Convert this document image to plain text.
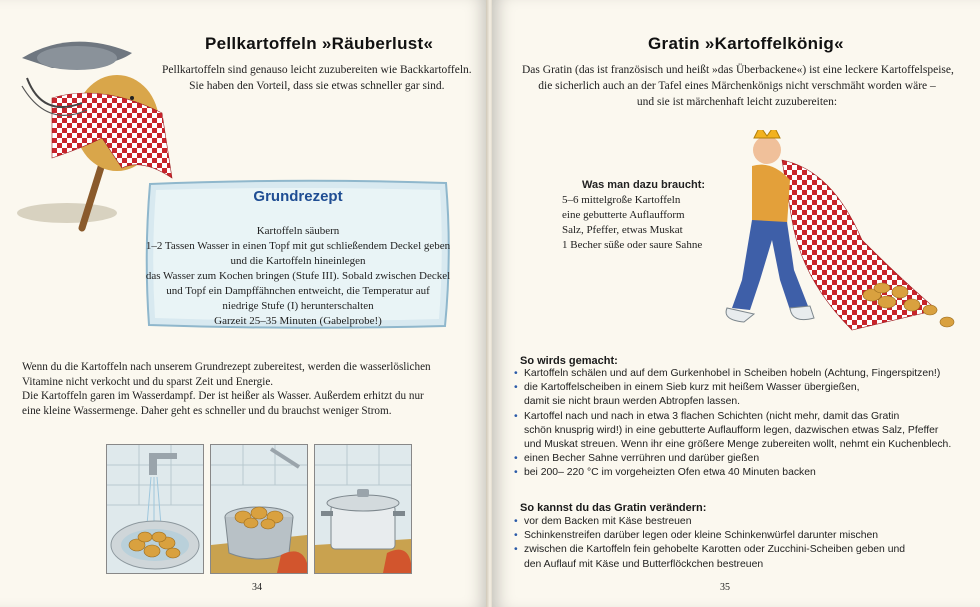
Pellkartoffeln »Räuberlust«
Pellkartoffeln sind genauso leicht zuzubereiten wie Backkartoffeln.
Sie haben den Vorteil, dass sie etwas schneller gar sind.
Grundrezept
Kartoffeln säubern
1–2 Tassen Wasser in einen Topf mit gut schließendem Deckel geben
und die Kartoffeln hineinlegen
das Wasser zum Kochen bringen (Stufe III). Sobald zwischen Deckel
und Topf ein Dampffähnchen entweicht, die Temperatur auf
niedrige Stufe (I) herunterschalten
Garzeit 25–35 Minuten (Gabelprobe!)
Wenn du die Kartoffeln nach unserem Grundrezept zubereitest, werden die wasserlöslichen
Vitamine nicht verkocht und du sparst Zeit und Energie.
Die Kartoffeln garen im Wasserdampf. Der ist heißer als Wasser. Außerdem erhitzt du nur
eine kleine Wassermenge. Daher geht es schneller und du brauchst weniger Strom.
34
Gratin »Kartoffelkönig«
Das Gratin (das ist französisch und heißt »das Überbackene«) ist eine leckere Kartoffelspeise,
die sicherlich auch an der Tafel eines Märchenkönigs nicht verschmäht worden wäre –
und sie ist märchenhaft leicht zuzubereiten:
Was man dazu braucht:
5–6 mittelgroße Kartoffeln
eine gebutterte Auflaufform
Salz, Pfeffer, etwas Muskat
1 Becher süße oder saure Sahne
So wirds gemacht:
• Kartoffeln schälen und auf dem Gurkenhobel in Scheiben hobeln (Achtung, Fingerspitzen!)
• die Kartoffelscheiben in einem Sieb kurz mit heißem Wasser übergießen,
damit sie nicht braun werden Abtropfen lassen.
• Kartoffel nach und nach in etwa 3 flachen Schichten (nicht mehr, damit das Gratin
schön knusprig wird!) in eine gebutterte Auflaufform legen, dazwischen etwas Salz, Pfeffer
und Muskat streuen. Wenn ihr eine größere Menge zubereiten wollt, nehmt ein Kuchenblech.
• einen Becher Sahne verrühren und darüber gießen
• bei 200– 220 °C im vorgeheizten Ofen etwa 40 Minuten backen
So kannst du das Gratin verändern:
• vor dem Backen mit Käse bestreuen
• Schinkenstreifen darüber legen oder kleine Schinkenwürfel darunter mischen
• zwischen die Kartoffeln fein gehobelte Karotten oder Zucchini-Scheiben geben und
den Auflauf mit Käse und Butterflöckchen bestreuen
35
